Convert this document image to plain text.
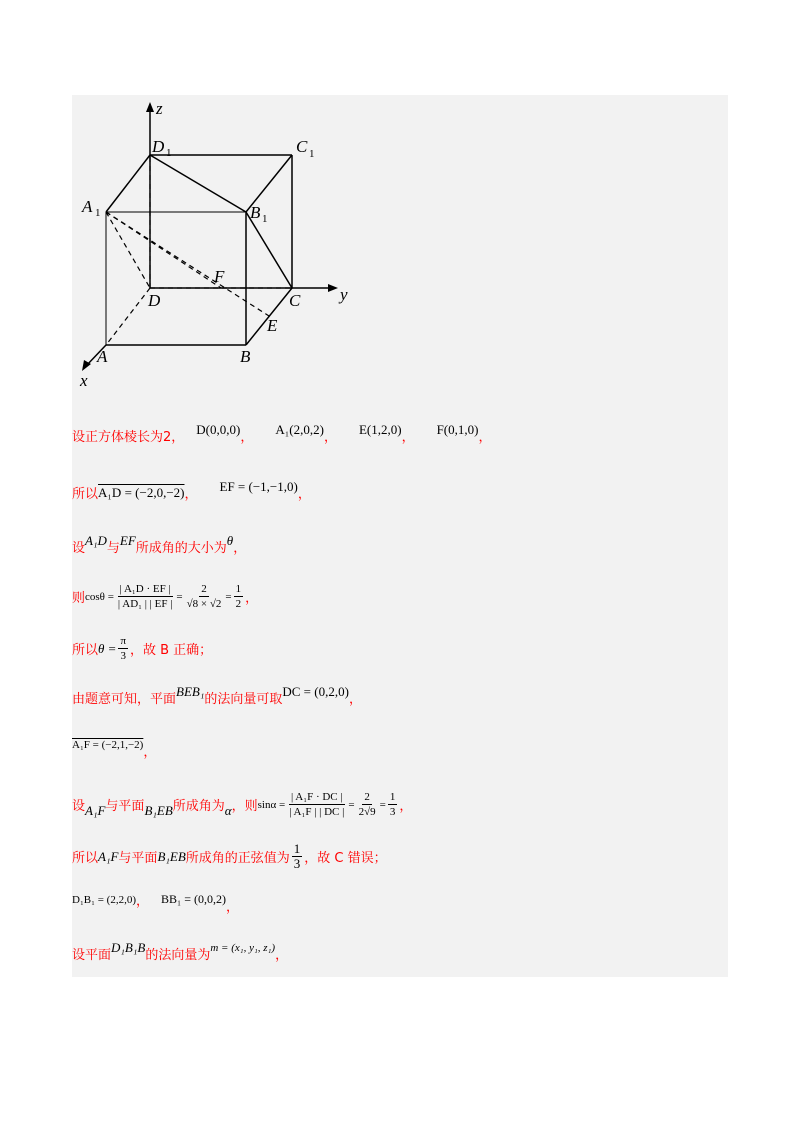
z
y
x
D 1	C 1
A 1	B 1
D	C
A	B
E
F
设正方体棱长为2，
D(0,0,0)
，
A₁(2,0,2)
，
E(1,2,0)
，
F(0,1,0)
，
所以 A₁D = (−2,0,−2) ，
EF = (−1,−1,0)
，
设
A₁D
与
EF
所成角的大小为
θ
，
则 $\cos\theta = \frac{\text{| A₁D · EF |}}{\text{| AD₁ | | EF |}} = \frac{2}{√8 \times √2} = \frac{1}{2}$ ，
所以 $\theta = \frac{\pi}{3}$ ，故 B 正确；
由题意可知，平面
BEB₁
的法向量可取
DC = (0,2,0)
，
A₁F = (−2,1,−2)
，
设 A₁F 与平面 B₁EB 所成角为 α ，则 $\sin\alpha = \frac{\text{| A₁F · DC |}}{\text{| A₁F | | DC |}} = \frac{2}{2√9} = \frac{1}{3}$ ，
所以 A₁F 与平面 B₁EB 所成角的正弦值为 $\frac{1}{3}$ ，故 C 错误；
D₁B₁ = (2,2,0) ， BB₁ = (0,0,2)
，
设平面
D₁B₁B
的法向量为
m = (x₁, y₁, z₁)
，
